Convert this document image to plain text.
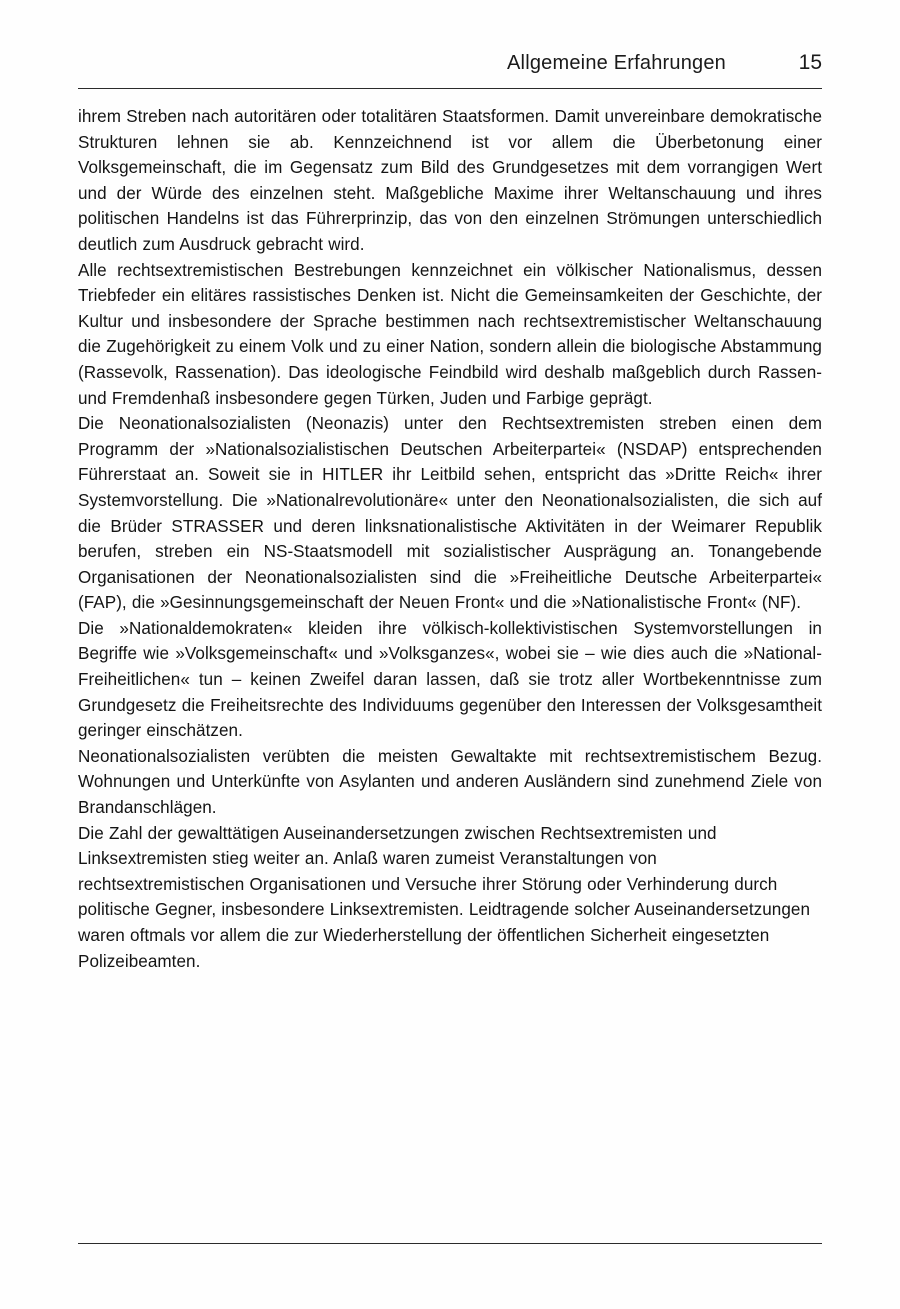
Allgemeine Erfahrungen	15

ihrem Streben nach autoritären oder totalitären Staatsformen. Damit unvereinbare demokratische Strukturen lehnen sie ab. Kennzeichnend ist vor allem die Überbetonung einer Volksgemeinschaft, die im Gegensatz zum Bild des Grundgesetzes mit dem vorrangigen Wert und der Würde des einzelnen steht. Maßgebliche Maxime ihrer Weltanschauung und ihres politischen Handelns ist das Führerprinzip, das von den einzelnen Strömungen unterschiedlich deutlich zum Ausdruck gebracht wird.

Alle rechtsextremistischen Bestrebungen kennzeichnet ein völkischer Nationalismus, dessen Triebfeder ein elitäres rassistisches Denken ist. Nicht die Gemeinsamkeiten der Geschichte, der Kultur und insbesondere der Sprache bestimmen nach rechtsextremistischer Weltanschauung die Zugehörigkeit zu einem Volk und zu einer Nation, sondern allein die biologische Abstammung (Rassevolk, Rassenation). Das ideologische Feindbild wird deshalb maßgeblich durch Rassen- und Fremdenhaß insbesondere gegen Türken, Juden und Farbige geprägt.

Die Neonationalsozialisten (Neonazis) unter den Rechtsextremisten streben einen dem Programm der »Nationalsozialistischen Deutschen Arbeiterpartei« (NSDAP) entsprechenden Führerstaat an. Soweit sie in HITLER ihr Leitbild sehen, entspricht das »Dritte Reich« ihrer Systemvorstellung. Die »Nationalrevolutionäre« unter den Neonationalsozialisten, die sich auf die Brüder STRASSER und deren linksnationalistische Aktivitäten in der Weimarer Republik berufen, streben ein NS-Staatsmodell mit sozialistischer Ausprägung an. Tonangebende Organisationen der Neonationalsozialisten sind die »Freiheitliche Deutsche Arbeiterpartei« (FAP), die »Gesinnungsgemeinschaft der Neuen Front« und die »Nationalistische Front« (NF).

Die »Nationaldemokraten« kleiden ihre völkisch-kollektivistischen Systemvorstellungen in Begriffe wie »Volksgemeinschaft« und »Volksganzes«, wobei sie – wie dies auch die »National-Freiheitlichen« tun – keinen Zweifel daran lassen, daß sie trotz aller Wortbekenntnisse zum Grundgesetz die Freiheitsrechte des Individuums gegenüber den Interessen der Volksgesamtheit geringer einschätzen.

Neonationalsozialisten verübten die meisten Gewaltakte mit rechtsextremistischem Bezug. Wohnungen und Unterkünfte von Asylanten und anderen Ausländern sind zunehmend Ziele von Brandanschlägen.

Die Zahl der gewalttätigen Auseinandersetzungen zwischen Rechtsextremisten und Linksextremisten stieg weiter an. Anlaß waren zumeist Veranstaltungen von rechtsextremistischen Organisationen und Versuche ihrer Störung oder Verhinderung durch politische Gegner, insbesondere Linksextremisten. Leidtragende solcher Auseinandersetzungen waren oftmals vor allem die zur Wiederherstellung der öffentlichen Sicherheit eingesetzten Polizeibeamten.
